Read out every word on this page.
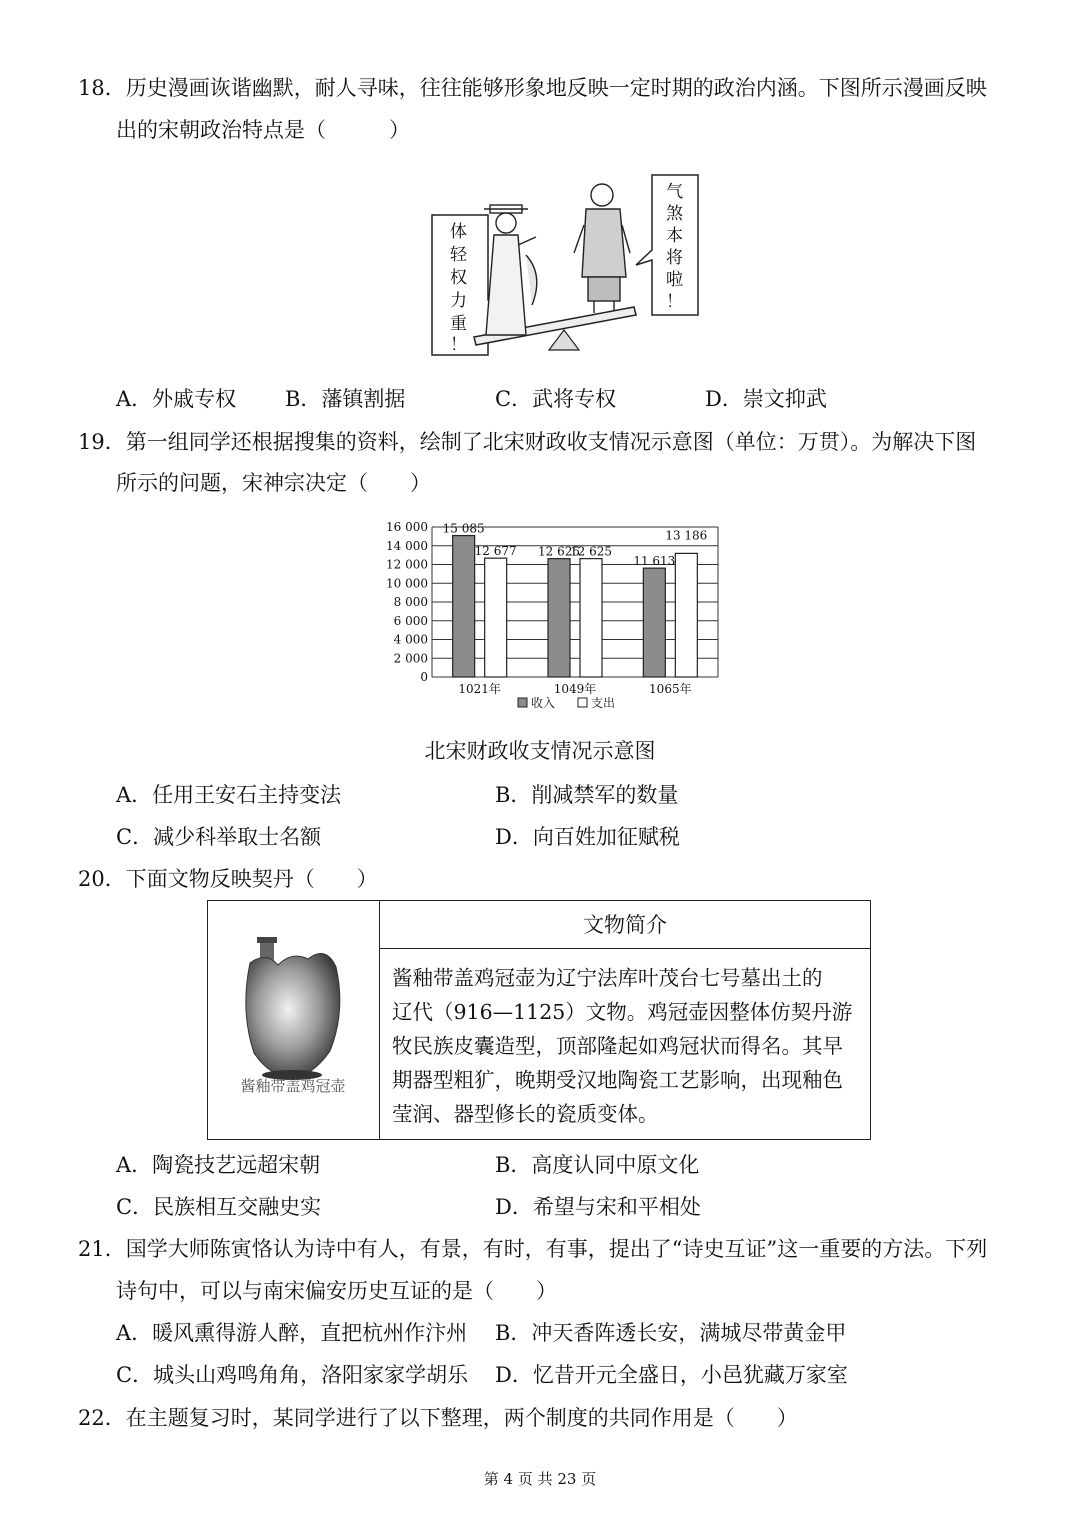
18．历史漫画诙谐幽默，耐人寻味，往往能够形象地反映一定时期的政治内涵。下图所示漫画反映
出的宋朝政治特点是（　　　）
体
轻
权
力
重
！
气
煞
本
将
啦
！
A．外戚专权 B．藩镇割据	C．武将专权	D．崇文抑武
19．第一组同学还根据搜集的资料，绘制了北宋财政收支情况示意图（单位：万贯）。为解决下图
所示的问题，宋神宗决定（　　）
16 000
14 000
12 000
10 000
8 000
6 000
4 000
2 000
0
15 085
12 677 12 625
12 625
11 613
13 186
1021年	1049年	1065年
收入	支出
北宋财政收支情况示意图
A．任用王安石主持变法	B．削减禁军的数量
C．减少科举取士名额	D．向百姓加征赋税
20．下面文物反映契丹（　　）
酱釉带盖鸡冠壶
文物简介
酱釉带盖鸡冠壶为辽宁法库叶茂台七号墓出土的
辽代（916—1125）文物。鸡冠壶因整体仿契丹游
牧民族皮囊造型，顶部隆起如鸡冠状而得名。其早
期器型粗犷，晚期受汉地陶瓷工艺影响，出现釉色
莹润、器型修长的瓷质变体。
A．陶瓷技艺远超宋朝	B．高度认同中原文化
C．民族相互交融史实	D．希望与宋和平相处
21．国学大师陈寅恪认为诗中有人，有景，有时，有事，提出了“诗史互证”这一重要的方法。下列
诗句中，可以与南宋偏安历史互证的是（　　）
A．暖风熏得游人醉，直把杭州作汴州 B．冲天香阵透长安，满城尽带黄金甲
C．城头山鸡鸣角角，洛阳家家学胡乐 D．忆昔开元全盛日，小邑犹藏万家室
22．在主题复习时，某同学进行了以下整理，两个制度的共同作用是（　　）
第 4 页 共 23 页
